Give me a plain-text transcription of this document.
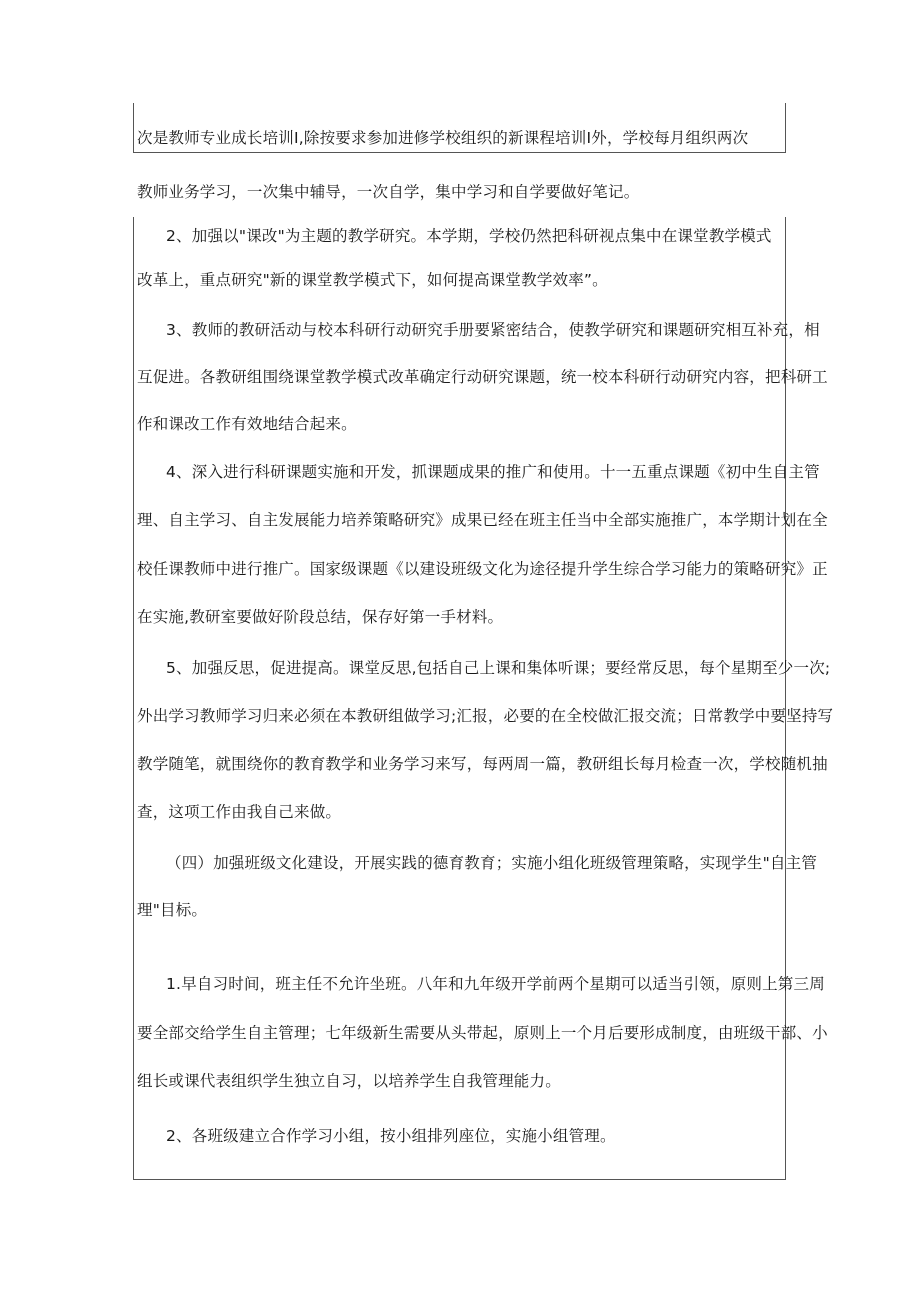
次是教师专业成长培训I,除按要求参加进修学校组织的新课程培训I外，学校每月组织两次
教师业务学习，一次集中辅导，一次自学，集中学习和自学要做好笔记。
2、加强以"课改"为主题的教学研究。本学期，学校仍然把科研视点集中在课堂教学模式
改革上，重点研究"新的课堂教学模式下，如何提高课堂教学效率”。
3、教师的教研活动与校本科研行动研究手册要紧密结合，使教学研究和课题研究相互补充，相
互促进。各教研组围绕课堂教学模式改革确定行动研究课题，统一校本科研行动研究内容，把科研工
作和课改工作有效地结合起来。
4、深入进行科研课题实施和开发，抓课题成果的推广和使用。十一五重点课题《初中生自主管
理、自主学习、自主发展能力培养策略研究》成果已经在班主任当中全部实施推广，本学期计划在全
校任课教师中进行推广。国家级课题《以建设班级文化为途径提升学生综合学习能力的策略研究》正
在实施,教研室要做好阶段总结，保存好第一手材料。
5、加强反思，促进提高。课堂反思,包括自己上课和集体听课；要经常反思，每个星期至少一次;
外出学习教师学习归来必须在本教研组做学习;汇报，必要的在全校做汇报交流；日常教学中要坚持写
教学随笔，就围绕你的教育教学和业务学习来写，每两周一篇，教研组长每月检查一次，学校随机抽
查，这项工作由我自己来做。
（四）加强班级文化建设，开展实践的德育教育；实施小组化班级管理策略，实现学生"自主管
理"目标。
1.早自习时间，班主任不允许坐班。八年和九年级开学前两个星期可以适当引领，原则上第三周
要全部交给学生自主管理；七年级新生需要从头带起，原则上一个月后要形成制度，由班级干部、小
组长或课代表组织学生独立自习，以培养学生自我管理能力。
2、各班级建立合作学习小组，按小组排列座位，实施小组管理。
